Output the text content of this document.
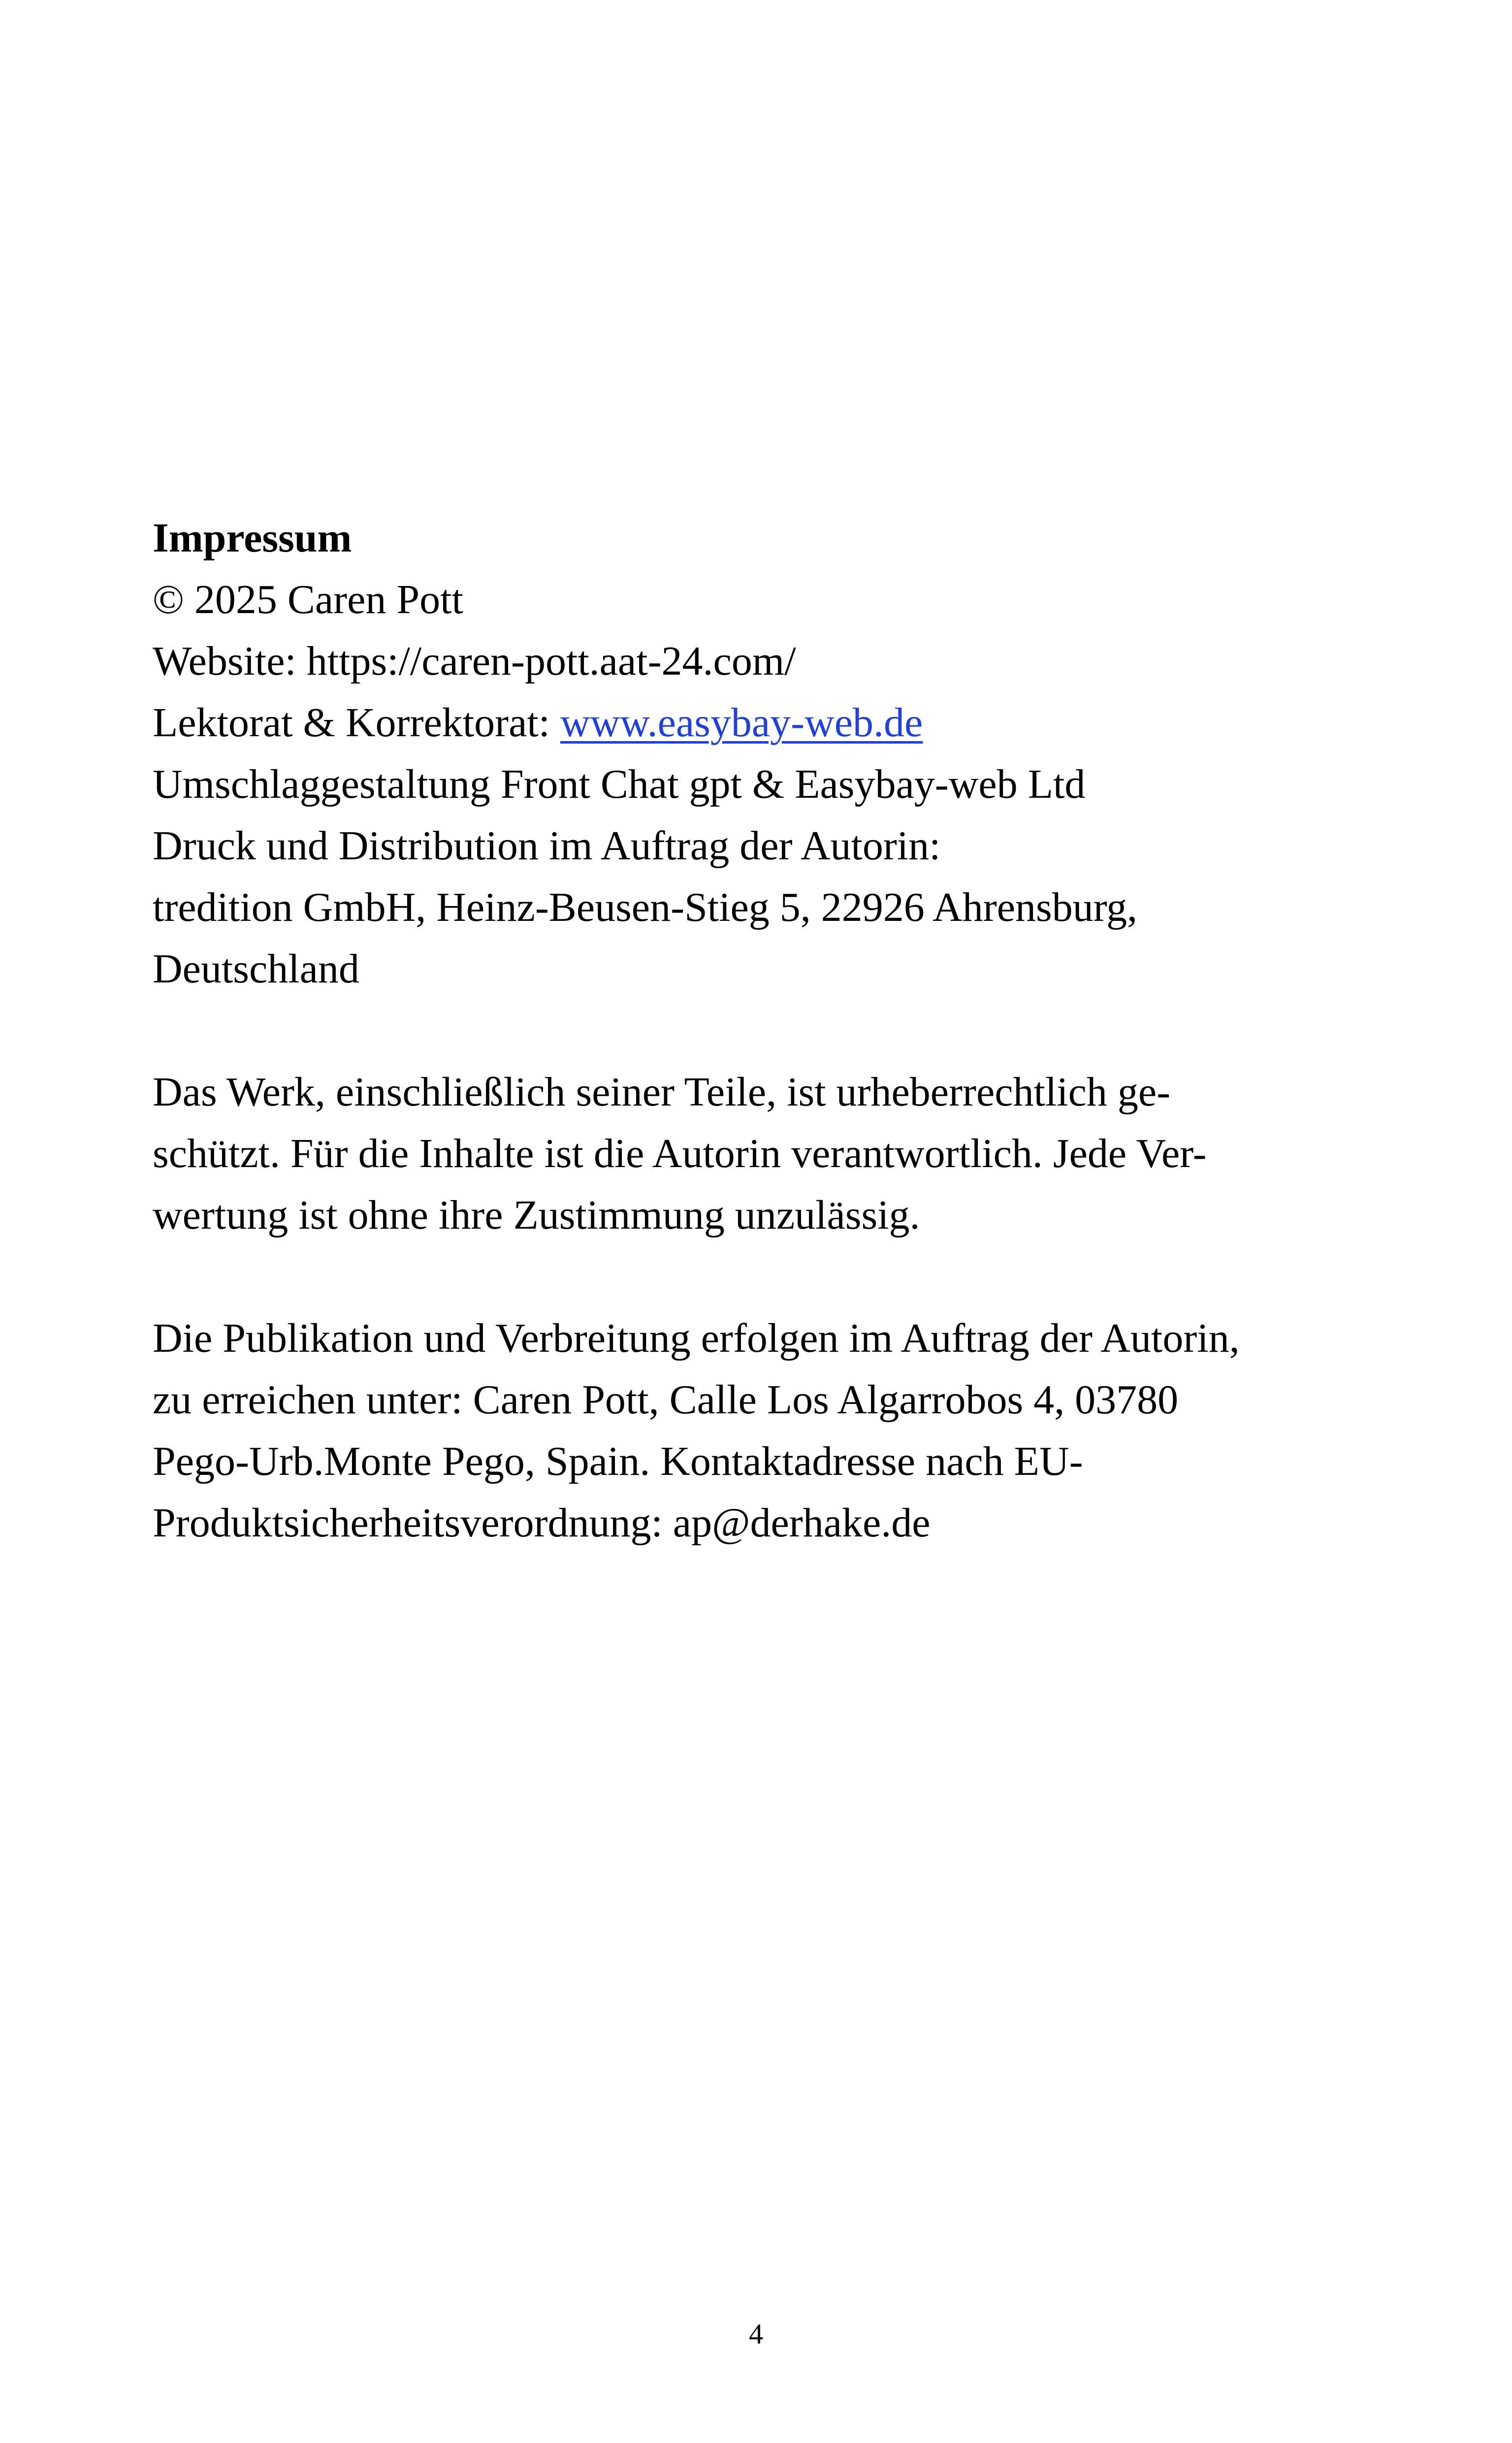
Impressum
© 2025 Caren Pott
Website: https://caren-pott.aat-24.com/
Lektorat & Korrektorat: www.easybay-web.de
Umschlaggestaltung Front Chat gpt & Easybay-web Ltd
Druck und Distribution im Auftrag der Autorin:
tredition GmbH, Heinz-Beusen-Stieg 5, 22926 Ahrensburg,
Deutschland
Das Werk, einschließlich seiner Teile, ist urheberrechtlich ge-
schützt. Für die Inhalte ist die Autorin verantwortlich. Jede Ver-
wertung ist ohne ihre Zustimmung unzulässig.
Die Publikation und Verbreitung erfolgen im Auftrag der Autorin,
zu erreichen unter: Caren Pott, Calle Los Algarrobos 4, 03780
Pego-Urb.Monte Pego, Spain. Kontaktadresse nach EU-
Produktsicherheitsverordnung: ap@derhake.de
4
